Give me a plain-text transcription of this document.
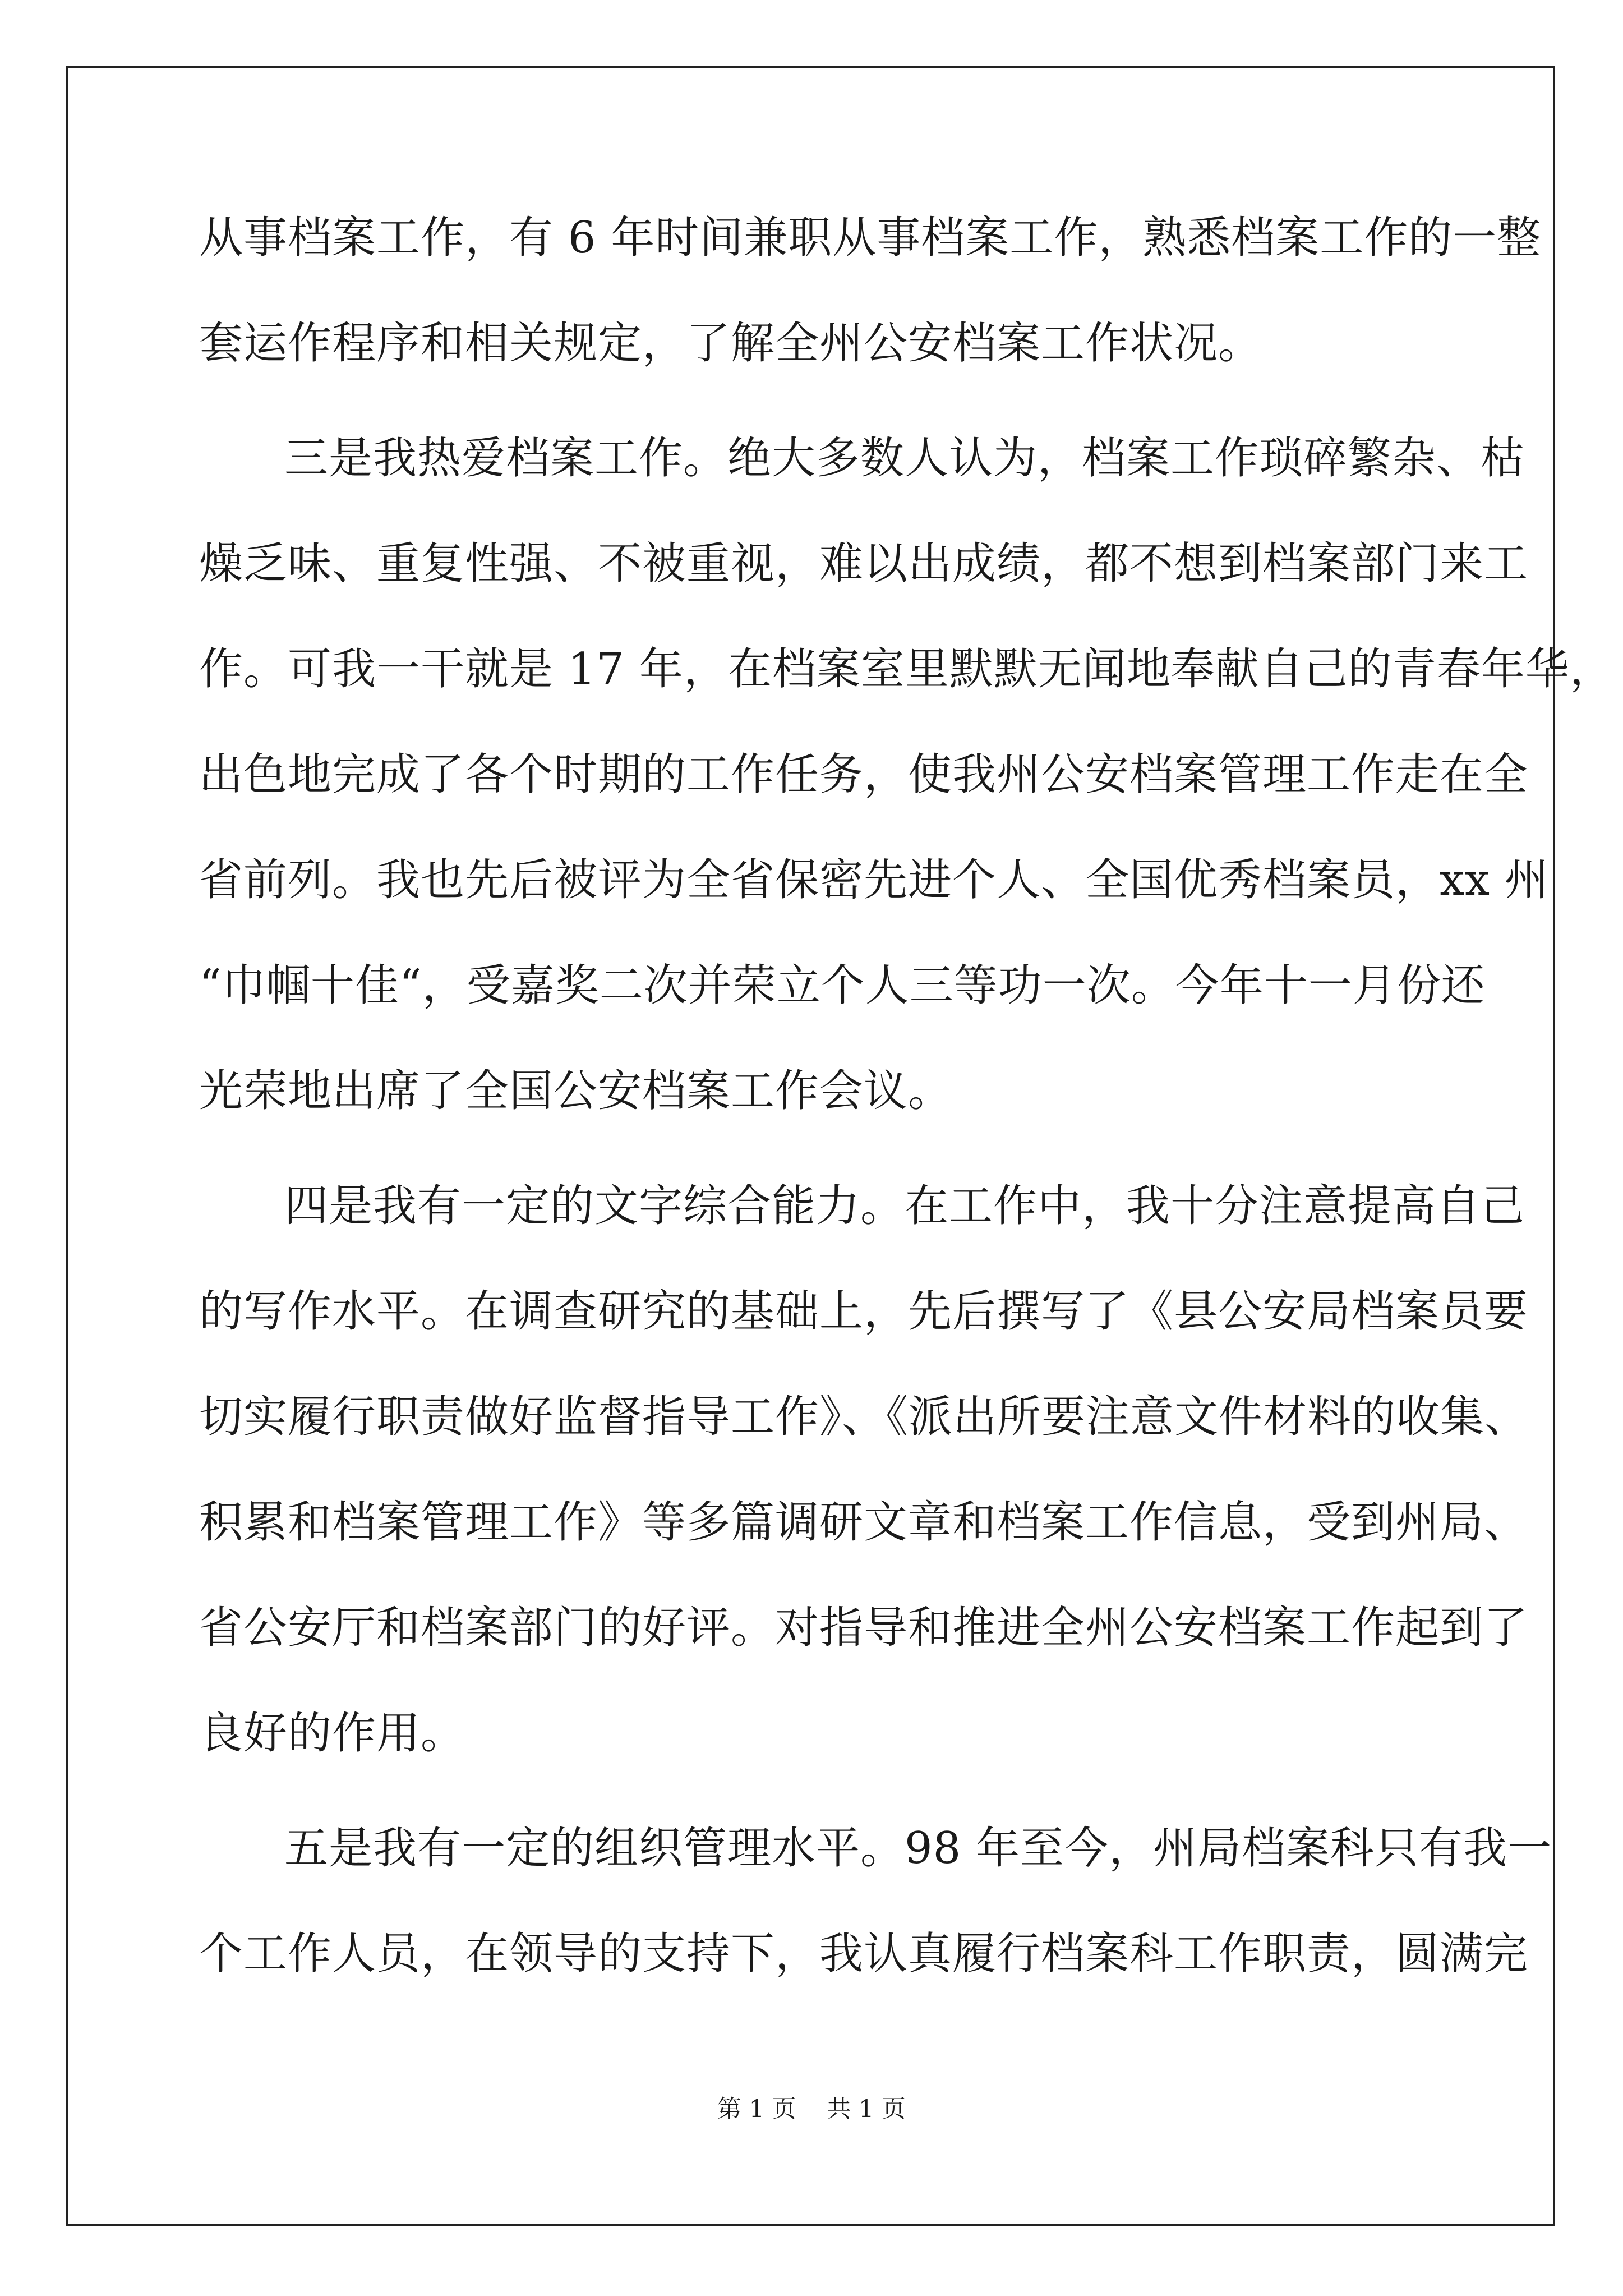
从事档案工作，有 6 年时间兼职从事档案工作，熟悉档案工作的一整
套运作程序和相关规定，了解全州公安档案工作状况。
三是我热爱档案工作。绝大多数人认为，档案工作琐碎繁杂、枯
燥乏味、重复性强、不被重视，难以出成绩，都不想到档案部门来工
作。可我一干就是 17 年，在档案室里默默无闻地奉献自己的青春年华，
出色地完成了各个时期的工作任务，使我州公安档案管理工作走在全
省前列。我也先后被评为全省保密先进个人、全国优秀档案员，xx 州
“巾帼十佳“，受嘉奖二次并荣立个人三等功一次。今年十一月份还
光荣地出席了全国公安档案工作会议。
四是我有一定的文字综合能力。在工作中，我十分注意提高自己
的写作水平。在调查研究的基础上，先后撰写了《县公安局档案员要
切实履行职责做好监督指导工作》、《派出所要注意文件材料的收集、
积累和档案管理工作》等多篇调研文章和档案工作信息，受到州局、
省公安厅和档案部门的好评。对指导和推进全州公安档案工作起到了
良好的作用。
五是我有一定的组织管理水平。98 年至今，州局档案科只有我一
个工作人员，在领导的支持下，我认真履行档案科工作职责，圆满完
第 1 页    共 1 页
